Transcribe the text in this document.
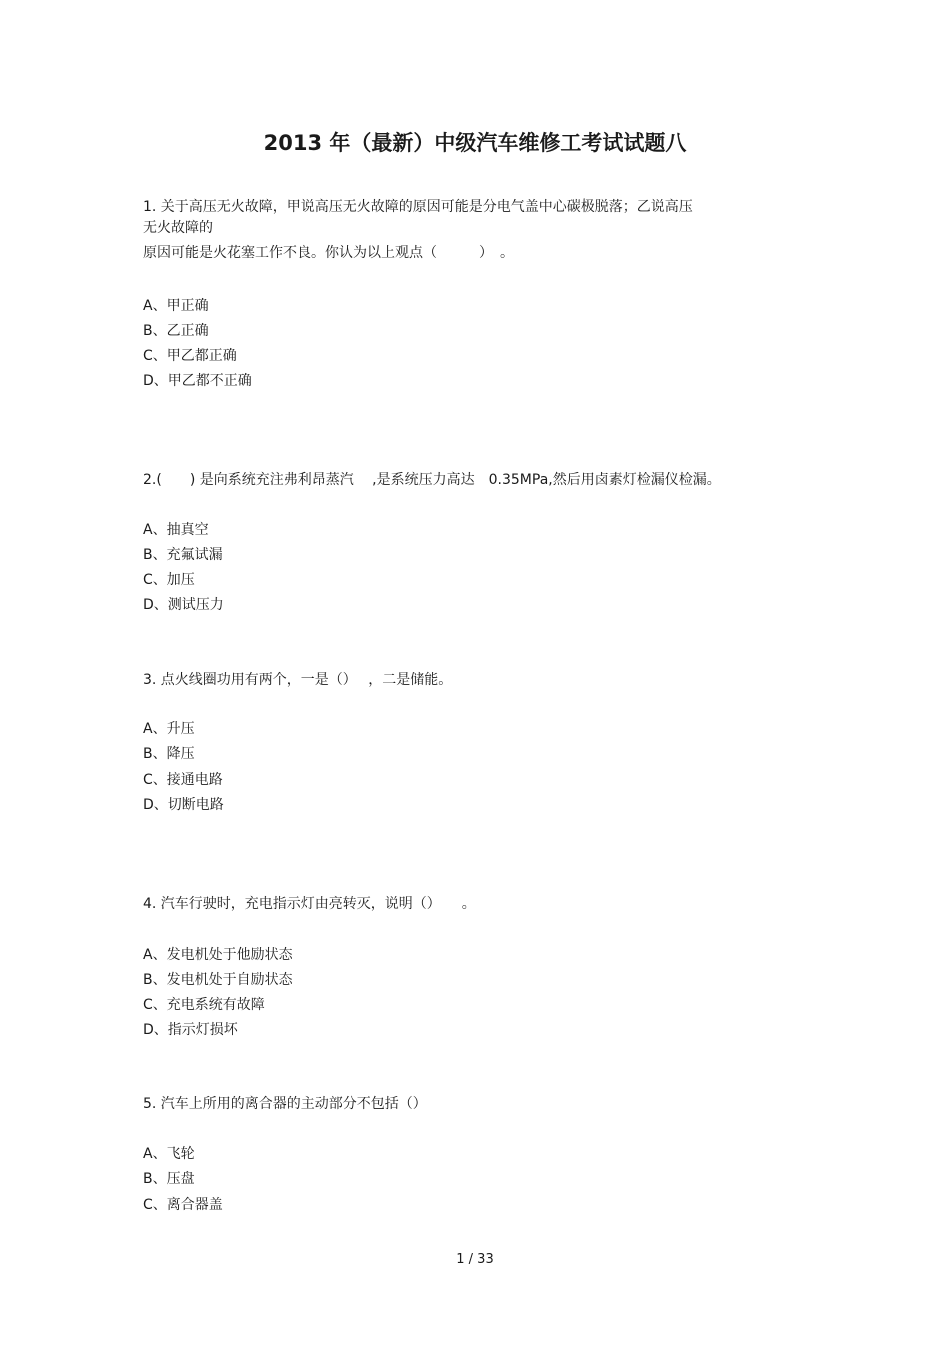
2013 年（最新）中级汽车维修工考试试题八
1. 关于高压无火故障，甲说高压无火故障的原因可能是分电气盖中心碳极脱落；乙说高压
无火故障的
原因可能是火花塞工作不良。你认为以上观点（　　　）　。
A、甲正确
B、乙正确
C、甲乙都正确
D、甲乙都不正确
2.(　　) 是向系统充注弗利昂蒸汽　 ,是系统压力高达　0.35MPa,然后用卤素灯检漏仪检漏。
A、抽真空
B、充氟试漏
C、加压
D、测试压力
3. 点火线圈功用有两个，一是（）　 ，二是储能。
A、升压
B、降压
C、接通电路
D、切断电路
4. 汽车行驶时，充电指示灯由亮转灭，说明（）　　。
A、发电机处于他励状态
B、发电机处于自励状态
C、充电系统有故障
D、指示灯损坏
5. 汽车上所用的离合器的主动部分不包括（）
A、飞轮
B、压盘
C、离合器盖
1 / 33
